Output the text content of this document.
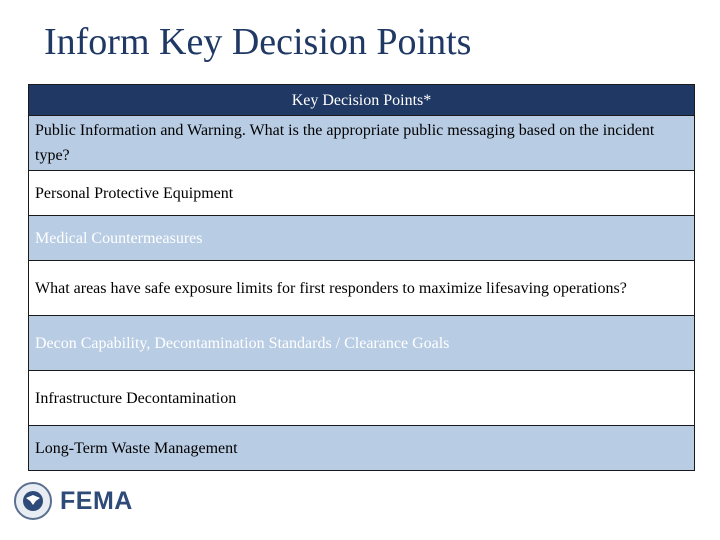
Inform Key Decision Points
Key Decision Points*
Public Information and Warning. What is the appropriate public messaging based on the incident type?
Personal Protective Equipment
Medical Countermeasures
What areas have safe exposure limits for first responders to maximize lifesaving operations?
Decon Capability, Decontamination Standards / Clearance Goals
Infrastructure Decontamination
Long-Term Waste Management
FEMA
